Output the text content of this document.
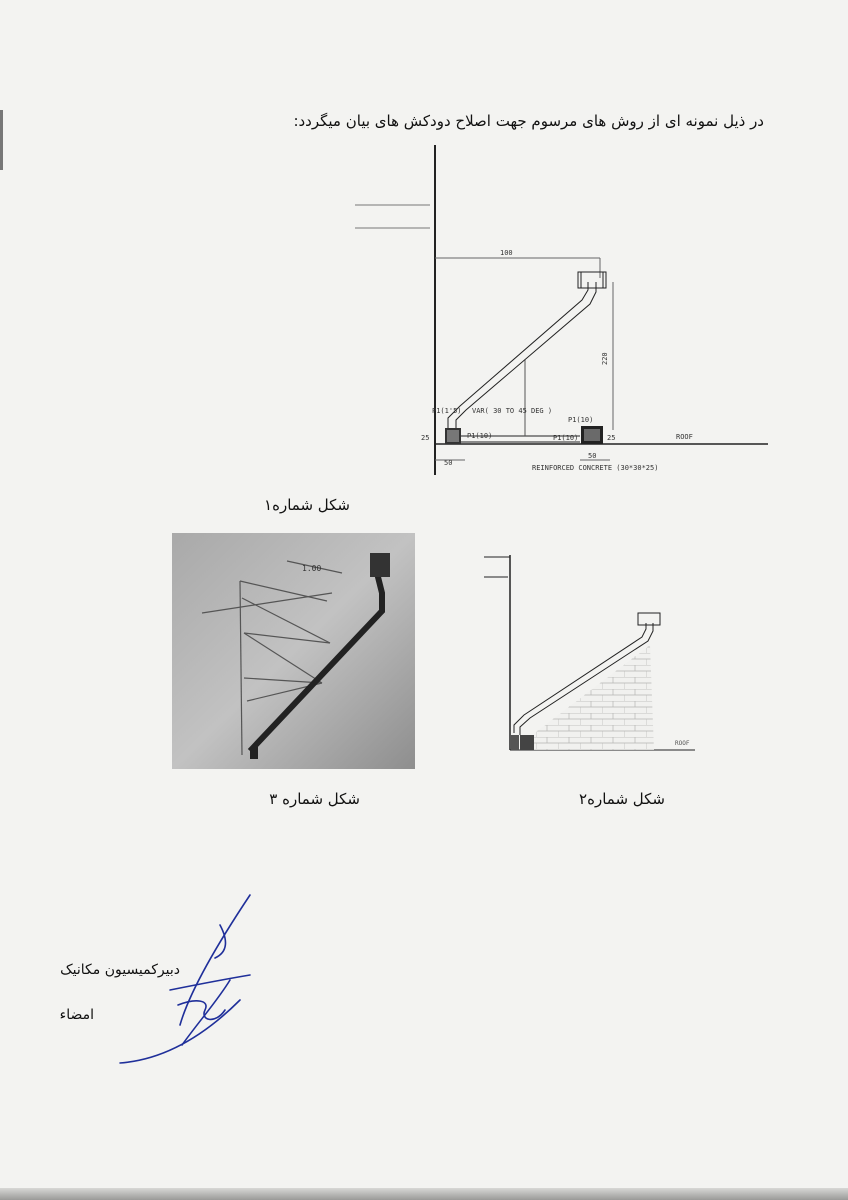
در ذیل نمونه ای از روش های مرسوم جهت اصلاح دودکش های بیان میگردد:
100
220
VAR( 30 TO 45 DEG )
P1(1'5)
P1(10)	P1(10)
P1(10)
25	25
50
50
ROOF
REINFORCED CONCRETE (30*30*25)
شکل شماره۱
1.00
شکل شماره ۳
ROOF
شکل شماره۲
دبیرکمیسیون مکانیک
امضاء
